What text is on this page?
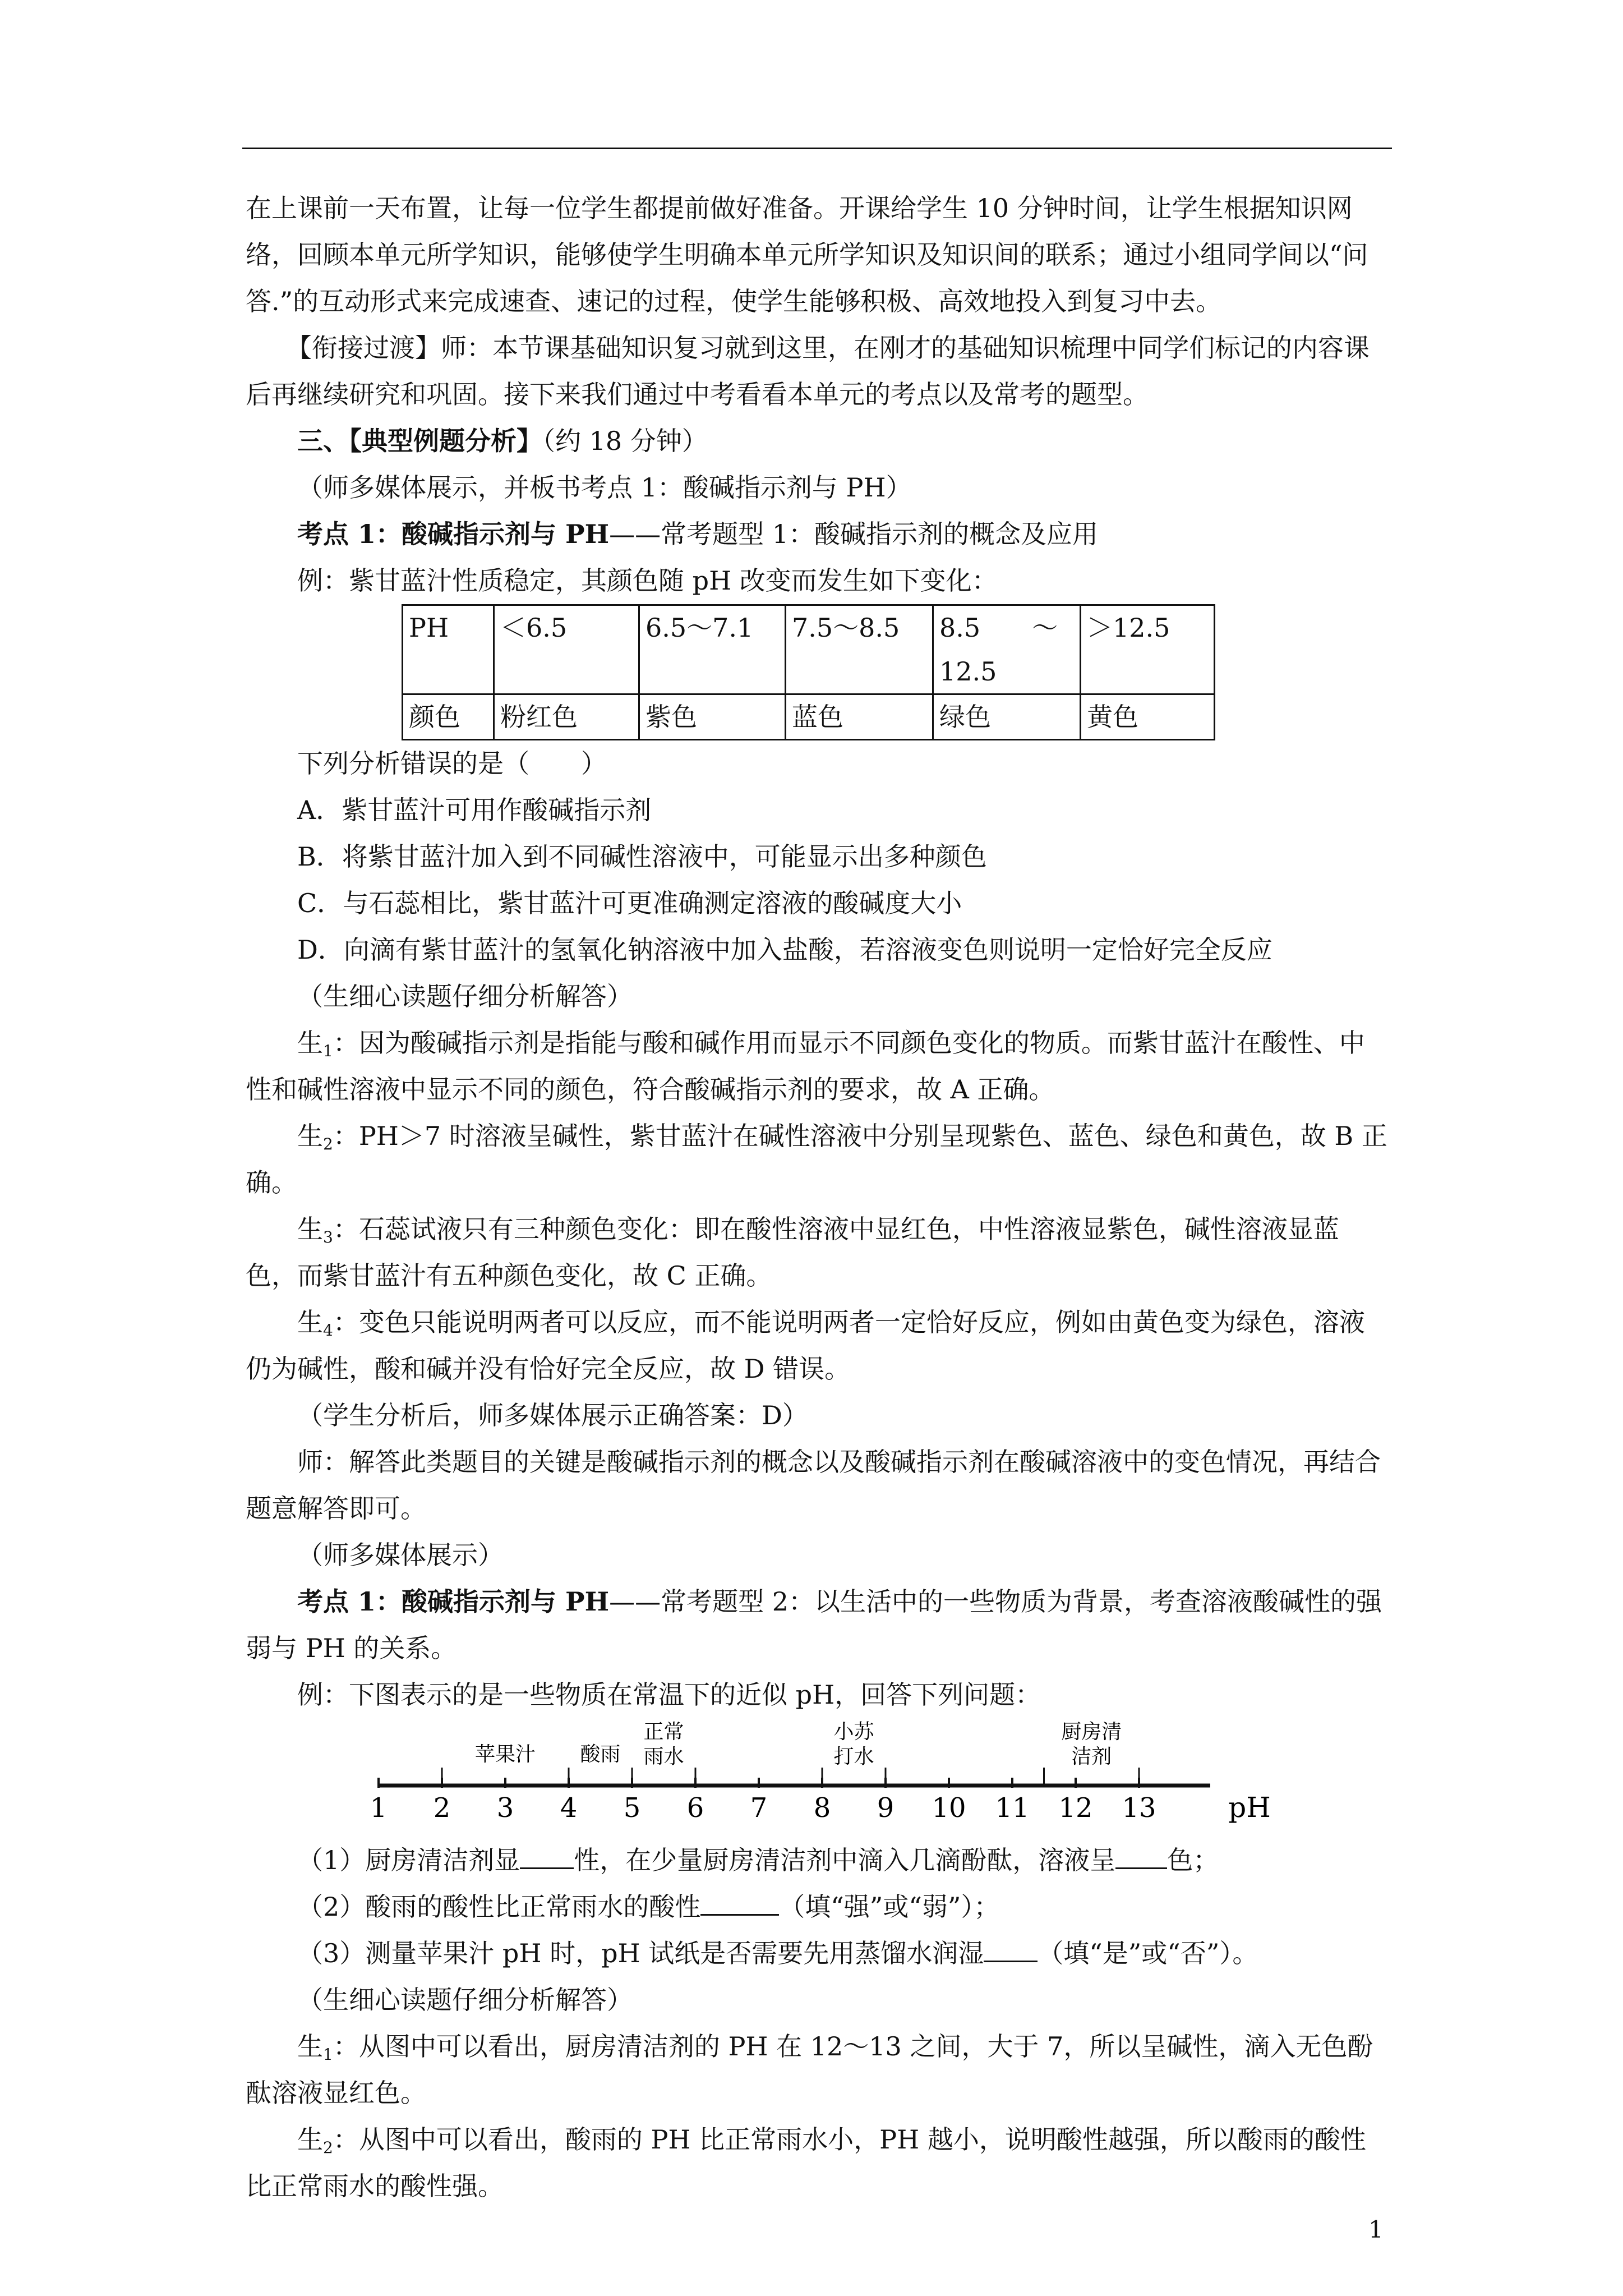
在上课前一天布置，让每一位学生都提前做好准备。开课给学生 10 分钟时间，让学生根据知识网络，回顾本单元所学知识，能够使学生明确本单元所学知识及知识间的联系；通过小组同学间以“问答.”的互动形式来完成速查、速记的过程，使学生能够积极、高效地投入到复习中去。

【衔接过渡】师：本节课基础知识复习就到这里，在刚才的基础知识梳理中同学们标记的内容课后再继续研究和巩固。接下来我们通过中考看看本单元的考点以及常考的题型。

三、【典型例题分析】（约 18 分钟）

（师多媒体展示，并板书考点 1：酸碱指示剂与 PH）

考点 1：酸碱指示剂与 PH——常考题型 1：酸碱指示剂的概念及应用

例：紫甘蓝汁性质稳定，其颜色随 pH 改变而发生如下变化：

PH	＜6.5	6.5～7.1	7.5～8.5	8.5　　～12.5	＞12.5
颜色	粉红色	紫色	蓝色	绿色	黄色

下列分析错误的是（　　）

A．紫甘蓝汁可用作酸碱指示剂

B．将紫甘蓝汁加入到不同碱性溶液中，可能显示出多种颜色

C．与石蕊相比，紫甘蓝汁可更准确测定溶液的酸碱度大小

D．向滴有紫甘蓝汁的氢氧化钠溶液中加入盐酸，若溶液变色则说明一定恰好完全反应

（生细心读题仔细分析解答）

生$_1$：因为酸碱指示剂是指能与酸和碱作用而显示不同颜色变化的物质。而紫甘蓝汁在酸性、中性和碱性溶液中显示不同的颜色，符合酸碱指示剂的要求，故 A 正确。

生$_2$：PH＞7 时溶液呈碱性，紫甘蓝汁在碱性溶液中分别呈现紫色、蓝色、绿色和黄色，故 B 正确。

生$_3$：石蕊试液只有三种颜色变化：即在酸性溶液中显红色，中性溶液显紫色，碱性溶液显蓝色，而紫甘蓝汁有五种颜色变化，故 C 正确。

生$_4$：变色只能说明两者可以反应，而不能说明两者一定恰好反应，例如由黄色变为绿色，溶液仍为碱性，酸和碱并没有恰好完全反应，故 D 错误。

（学生分析后，师多媒体展示正确答案：D）

师：解答此类题目的关键是酸碱指示剂的概念以及酸碱指示剂在酸碱溶液中的变色情况，再结合题意解答即可。

（师多媒体展示）

考点 1：酸碱指示剂与 PH——常考题型 2：以生活中的一些物质为背景，考查溶液酸碱性的强弱与 PH 的关系。

例：下图表示的是一些物质在常温下的近似 pH，回答下列问题：

1 2 3 4 5 6 7 8 9 10 11 12 13	pH
苹果汁 酸雨
正常
雨水
小苏
打水
厨房清
洁剂

（1）厨房清洁剂显 性，在少量厨房清洁剂中滴入几滴酚酞，溶液呈 色；

（2）酸雨的酸性比正常雨水的酸性	（填“强”或“弱”）；

（3）测量苹果汁 pH 时，pH 试纸是否需要先用蒸馏水润湿 （填“是”或“否”）。

（生细心读题仔细分析解答）

生$_1$：从图中可以看出，厨房清洁剂的 PH 在 12～13 之间，大于 7，所以呈碱性，滴入无色酚酞溶液显红色。

生$_2$：从图中可以看出，酸雨的 PH 比正常雨水小，PH 越小，说明酸性越强，所以酸雨的酸性比正常雨水的酸性强。

1
